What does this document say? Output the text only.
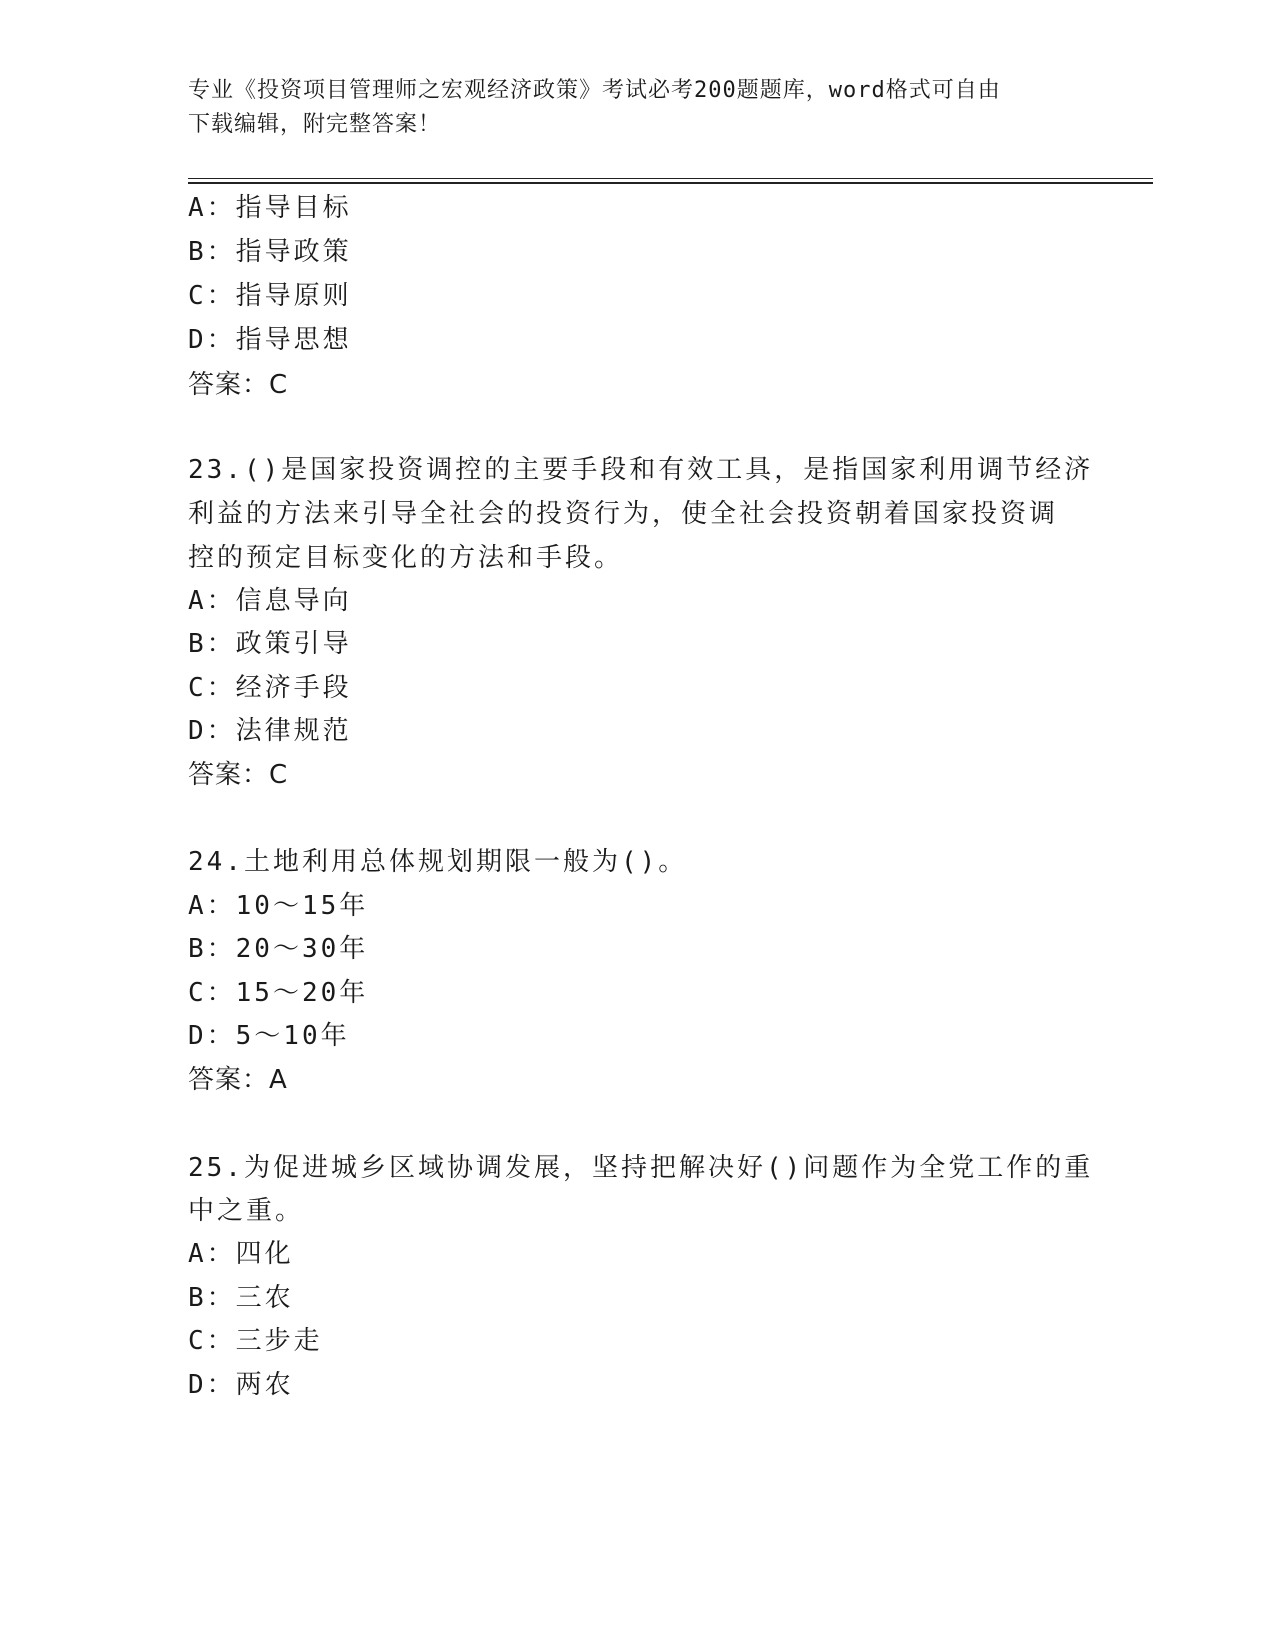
专业《投资项目管理师之宏观经济政策》考试必考200题题库，word格式可自由
下载编辑，附完整答案！
A：指导目标
B：指导政策
C：指导原则
D：指导思想
答案：C
23.()是国家投资调控的主要手段和有效工具，是指国家利用调节经济
利益的方法来引导全社会的投资行为，使全社会投资朝着国家投资调
控的预定目标变化的方法和手段。
A：信息导向
B：政策引导
C：经济手段
D：法律规范
答案：C
24.土地利用总体规划期限一般为()。
A：10～15年
B：20～30年
C：15～20年
D：5～10年
答案：A
25.为促进城乡区域协调发展，坚持把解决好()问题作为全党工作的重
中之重。
A：四化
B：三农
C：三步走
D：两农
